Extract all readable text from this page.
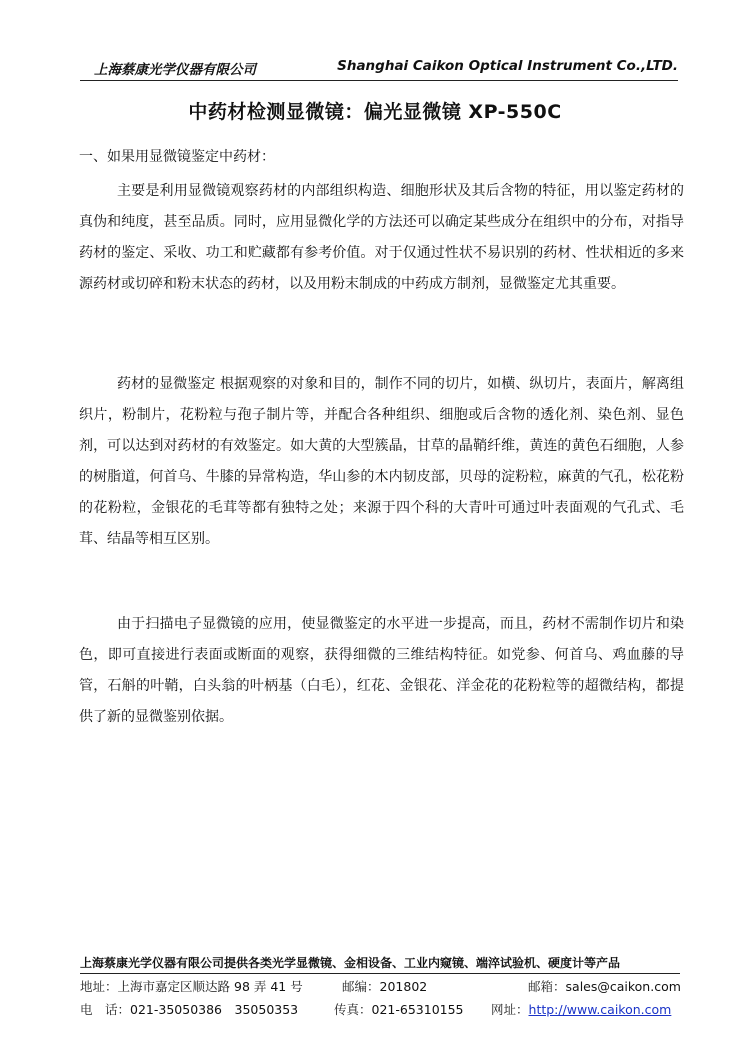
上海蔡康光学仪器有限公司	Shanghai Caikon Optical Instrument Co.,LTD.
中药材检测显微镜：偏光显微镜 XP-550C
一、如果用显微镜鉴定中药材：

主要是利用显微镜观察药材的内部组织构造、细胞形状及其后含物的特征，用以鉴定药材的真伪和纯度，甚至品质。同时，应用显微化学的方法还可以确定某些成分在组织中的分布，对指导药材的鉴定、采收、功工和贮藏都有参考价值。对于仅通过性状不易识别的药材、性状相近的多来源药材或切碎和粉末状态的药材，以及用粉末制成的中药成方制剂，显微鉴定尤其重要。

药材的显微鉴定 根据观察的对象和目的，制作不同的切片，如横、纵切片，表面片，解离组织片，粉制片，花粉粒与孢子制片等，并配合各种组织、细胞或后含物的透化剂、染色剂、显色剂，可以达到对药材的有效鉴定。如大黄的大型簇晶，甘草的晶鞘纤维，黄连的黄色石细胞，人参的树脂道，何首乌、牛膝的异常构造，华山参的木内韧皮部，贝母的淀粉粒，麻黄的气孔，松花粉的花粉粒，金银花的毛茸等都有独特之处；来源于四个科的大青叶可通过叶表面观的气孔式、毛茸、结晶等相互区别。

由于扫描电子显微镜的应用，使显微鉴定的水平进一步提高，而且，药材不需制作切片和染色，即可直接进行表面或断面的观察，获得细微的三维结构特征。如党参、何首乌、鸡血藤的导管，石斛的叶鞘，白头翁的叶柄基（白毛），红花、金银花、洋金花的花粉粒等的超微结构，都提供了新的显微鉴别依据。

上海蔡康光学仪器有限公司提供各类光学显微镜、金相设备、工业内窥镜、端淬试验机、硬度计等产品
地址：上海市嘉定区顺达路 98 弄 41 号	邮编：201802	邮箱：sales@caikon.com
电　话：021-35050386　35050353	传真：021-65310155 网址：http://www.caikon.com
